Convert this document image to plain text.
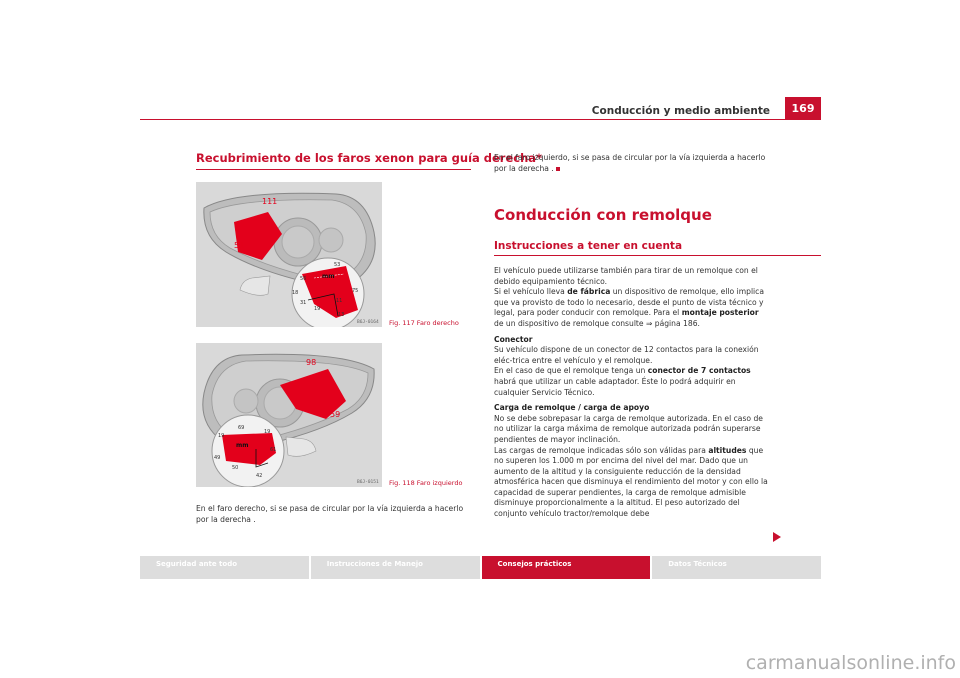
Conducción y medio ambiente	169
Recubrimiento de los faros xenon para guía derecha*
111
51
56
53
18
31
19
11
13
75
mm
B6J-0164 Fig. 117 Faro derecho
98
59
69
19
19
49
50
42
61
mm
B6J-0151 Fig. 118 Faro izquierdo

En el faro derecho, si se pasa de circular por la vía izquierda a hacerlo por la derecha .

En el faro izquierdo, si se pasa de circular por la vía izquierda a hacerlo por la derecha .

Conducción con remolque
Instrucciones a tener en cuenta

El vehículo puede utilizarse también para tirar de un remolque con el debido equipamiento técnico.

Si el vehículo lleva de fábrica un dispositivo de remolque, ello implica que va provisto de todo lo necesario, desde el punto de vista técnico y legal, para poder conducir con remolque. Para el montaje posterior de un dispositivo de remolque consulte ⇒ página 186.

Conector

Su vehículo dispone de un conector de 12 contactos para la conexión eléc-trica entre el vehículo y el remolque.

En el caso de que el remolque tenga un conector de 7 contactos habrá que utilizar un cable adaptador. Éste lo podrá adquirir en cualquier Servicio Técnico.

Carga de remolque / carga de apoyo

No se debe sobrepasar la carga de remolque autorizada. En el caso de no utilizar la carga máxima de remolque autorizada podrán superarse pendientes de mayor inclinación.

Las cargas de remolque indicadas sólo son válidas para altitudes que no superen los 1.000 m por encima del nivel del mar. Dado que un aumento de la altitud y la consiguiente reducción de la densidad atmosférica hacen que disminuya el rendimiento del motor y con ello la capacidad de superar pendientes, la carga de remolque admisible disminuye proporcionalmente a la altitud. El peso autorizado del conjunto vehículo tractor/remolque debe

Seguridad ante todo	Instrucciones de Manejo	Consejos prácticos	Datos Técnicos
carmanualsonline.info
